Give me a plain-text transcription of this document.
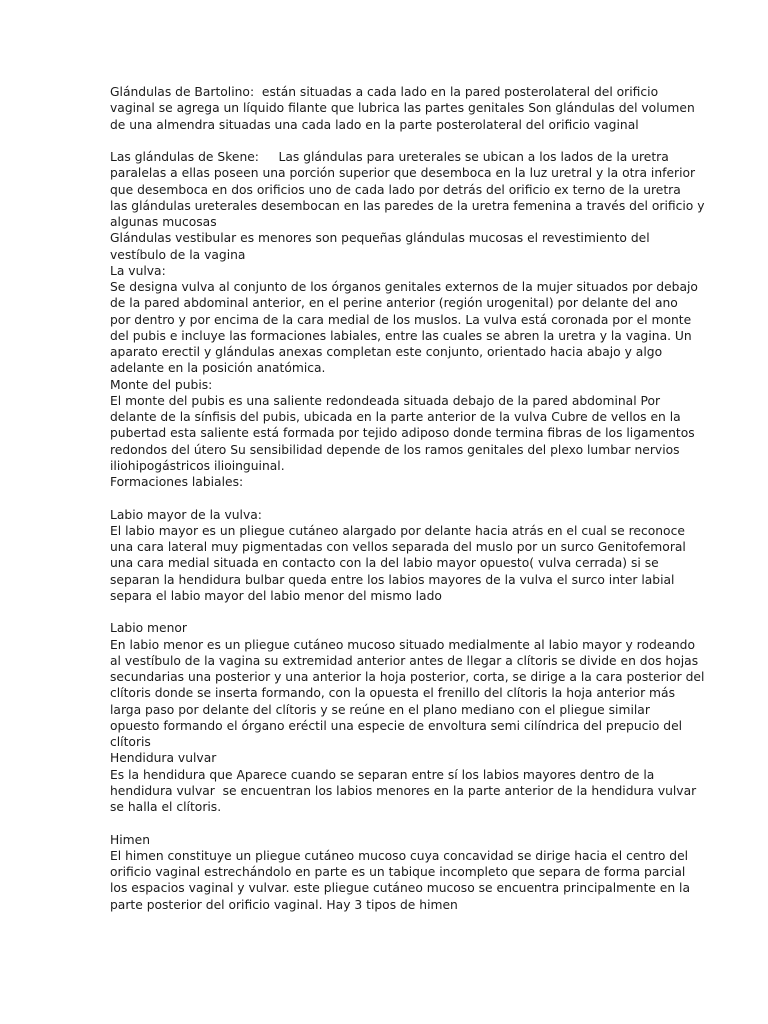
Glándulas de Bartolino:  están situadas a cada lado en la pared posterolateral del orificio
vaginal se agrega un líquido filante que lubrica las partes genitales Son glándulas del volumen
de una almendra situadas una cada lado en la parte posterolateral del orificio vaginal
Las glándulas de Skene:     Las glándulas para ureterales se ubican a los lados de la uretra
paralelas a ellas poseen una porción superior que desemboca en la luz uretral y la otra inferior
que desemboca en dos orificios uno de cada lado por detrás del orificio ex terno de la uretra
las glándulas ureterales desembocan en las paredes de la uretra femenina a través del orificio y
algunas mucosas
Glándulas vestibular es menores son pequeñas glándulas mucosas el revestimiento del
vestíbulo de la vagina
La vulva:
Se designa vulva al conjunto de los órganos genitales externos de la mujer situados por debajo
de la pared abdominal anterior, en el perine anterior (región urogenital) por delante del ano
por dentro y por encima de la cara medial de los muslos. La vulva está coronada por el monte
del pubis e incluye las formaciones labiales, entre las cuales se abren la uretra y la vagina. Un
aparato erectil y glándulas anexas completan este conjunto, orientado hacia abajo y algo
adelante en la posición anatómica.
Monte del pubis:
El monte del pubis es una saliente redondeada situada debajo de la pared abdominal Por
delante de la sínfisis del pubis, ubicada en la parte anterior de la vulva Cubre de vellos en la
pubertad esta saliente está formada por tejido adiposo donde termina fibras de los ligamentos
redondos del útero Su sensibilidad depende de los ramos genitales del plexo lumbar nervios
iliohipogástricos ilioinguinal.
Formaciones labiales:
Labio mayor de la vulva:
El labio mayor es un pliegue cutáneo alargado por delante hacia atrás en el cual se reconoce
una cara lateral muy pigmentadas con vellos separada del muslo por un surco Genitofemoral
una cara medial situada en contacto con la del labio mayor opuesto( vulva cerrada) si se
separan la hendidura bulbar queda entre los labios mayores de la vulva el surco inter labial
separa el labio mayor del labio menor del mismo lado
Labio menor
En labio menor es un pliegue cutáneo mucoso situado medialmente al labio mayor y rodeando
al vestíbulo de la vagina su extremidad anterior antes de llegar a clítoris se divide en dos hojas
secundarias una posterior y una anterior la hoja posterior, corta, se dirige a la cara posterior del
clítoris donde se inserta formando, con la opuesta el frenillo del clítoris la hoja anterior más
larga paso por delante del clítoris y se reúne en el plano mediano con el pliegue similar
opuesto formando el órgano eréctil una especie de envoltura semi cilíndrica del prepucio del
clítoris
Hendidura vulvar
Es la hendidura que Aparece cuando se separan entre sí los labios mayores dentro de la
hendidura vulvar  se encuentran los labios menores en la parte anterior de la hendidura vulvar
se halla el clítoris.
Himen
El himen constituye un pliegue cutáneo mucoso cuya concavidad se dirige hacia el centro del
orificio vaginal estrechándolo en parte es un tabique incompleto que separa de forma parcial
los espacios vaginal y vulvar. este pliegue cutáneo mucoso se encuentra principalmente en la
parte posterior del orificio vaginal. Hay 3 tipos de himen
